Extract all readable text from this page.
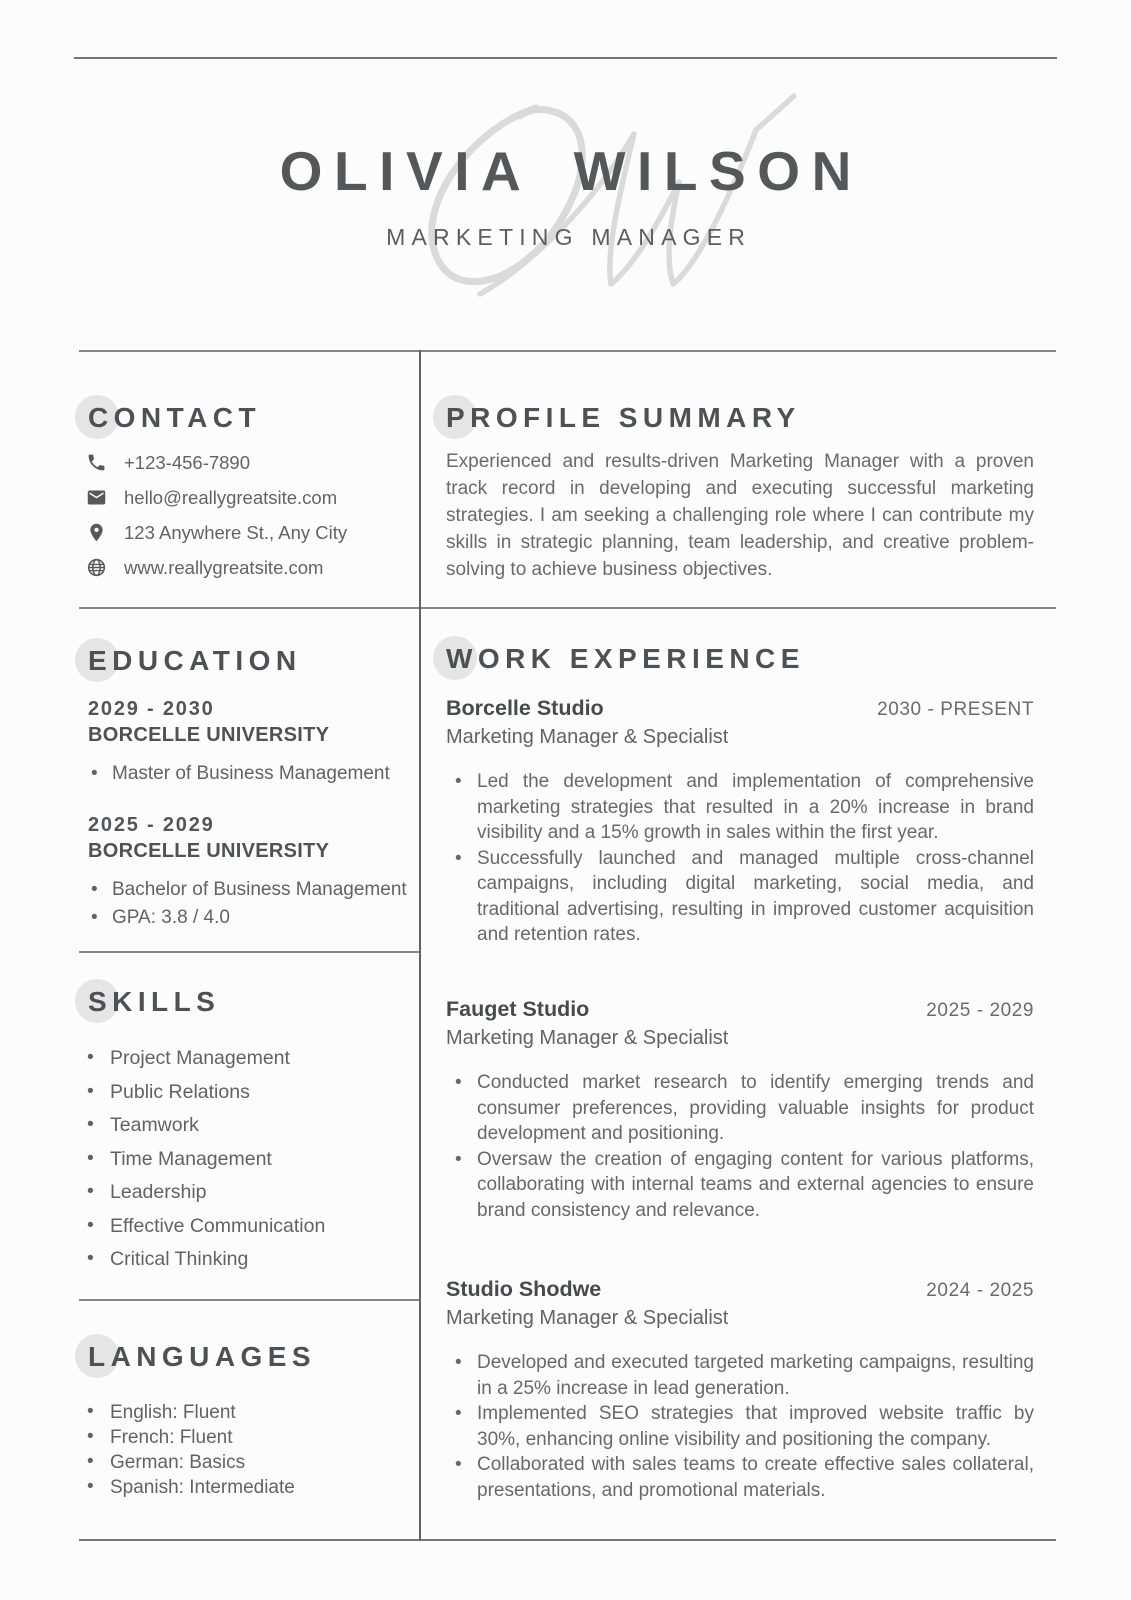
OLIVIA WILSON
MARKETING MANAGER
CONTACT
+123-456-7890
hello@reallygreatsite.com
123 Anywhere St., Any City
www.reallygreatsite.com
EDUCATION
2029 - 2030
BORCELLE UNIVERSITY
• Master of Business Management
2025 - 2029
BORCELLE UNIVERSITY
• Bachelor of Business Management
• GPA: 3.8 / 4.0
SKILLS
• Project Management
• Public Relations
• Teamwork
• Time Management
• Leadership
• Effective Communication
• Critical Thinking
LANGUAGES
• English: Fluent
• French: Fluent
• German: Basics
• Spanish: Intermediate
PROFILE SUMMARY

Experienced and results-driven Marketing Manager with a proven track record in developing and executing successful marketing strategies. I am seeking a challenging role where I can contribute my skills in strategic planning, team leadership, and creative problem-solving to achieve business objectives.

WORK EXPERIENCE
Borcelle Studio	2030 - PRESENT
Marketing Manager & Specialist
• Led the development and implementation of comprehensive marketing strategies that resulted in a 20% increase in brand visibility and a 15% growth in sales within the first year.
• Successfully launched and managed multiple cross-channel campaigns, including digital marketing, social media, and traditional advertising, resulting in improved customer acquisition and retention rates.
Fauget Studio	2025 - 2029
Marketing Manager & Specialist
• Conducted market research to identify emerging trends and consumer preferences, providing valuable insights for product development and positioning.
• Oversaw the creation of engaging content for various platforms, collaborating with internal teams and external agencies to ensure brand consistency and relevance.
Studio Shodwe	2024 - 2025
Marketing Manager & Specialist
• Developed and executed targeted marketing campaigns, resulting in a 25% increase in lead generation.
• Implemented SEO strategies that improved website traffic by 30%, enhancing online visibility and positioning the company.
• Collaborated with sales teams to create effective sales collateral, presentations, and promotional materials.
